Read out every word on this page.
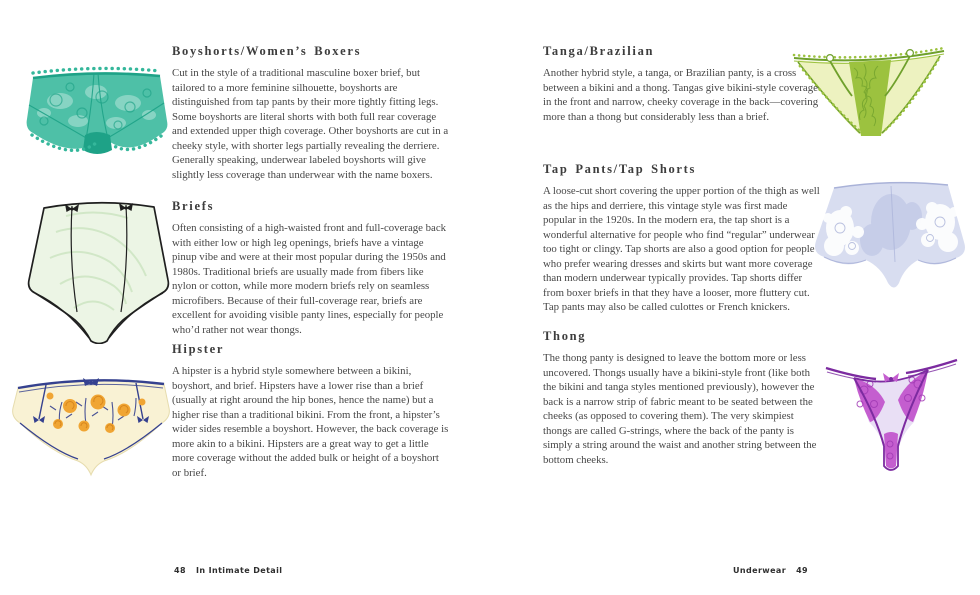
Boyshorts/Women’s Boxers

Cut in the style of a traditional masculine boxer brief, but tailored to a more feminine silhouette, boyshorts are distinguished from tap pants by their more tightly fitting legs. Some boyshorts are literal shorts with both full rear coverage and extended upper thigh coverage. Other boyshorts are cut in a cheeky style, with shorter legs partially revealing the derriere. Generally speaking, underwear labeled boyshorts will give slightly less coverage than underwear with the name boxers.

Briefs

Often consisting of a high-waisted front and full-coverage back with either low or high leg openings, briefs have a vintage pinup vibe and were at their most popular during the 1950s and 1980s. Traditional briefs are usually made from fibers like nylon or cotton, while more modern briefs rely on seamless microfibers. Because of their full-coverage rear, briefs are excellent for avoiding visible panty lines, especially for people who’d rather not wear thongs.

Hipster

A hipster is a hybrid style somewhere between a bikini, boyshort, and brief. Hipsters have a lower rise than a brief (usually at right around the hip bones, hence the name) but a higher rise than a traditional bikini. From the front, a hipster’s wider sides resemble a boyshort. However, the back coverage is more akin to a bikini. Hipsters are a great way to get a little more coverage without the added bulk or height of a boyshort or brief.

Tanga/Brazilian

Another hybrid style, a tanga, or Brazilian panty, is a cross between a bikini and a thong. Tangas give bikini-style coverage in the front and narrow, cheeky coverage in the back—covering more than a thong but considerably less than a brief.

Tap Pants/Tap Shorts

A loose-cut short covering the upper portion of the thigh as well as the hips and derriere, this vintage style was first made popular in the 1920s. In the modern era, the tap short is a wonderful alternative for people who find “regular” underwear too tight or clingy. Tap shorts are also a good option for people who prefer wearing dresses and skirts but want more coverage than modern underwear typically provides. Tap shorts differ from boxer briefs in that they have a looser, more fluttery cut. Tap pants may also be called culottes or French knickers.

Thong

The thong panty is designed to leave the bottom more or less uncovered. Thongs usually have a bikini-style front (like both the bikini and tanga styles mentioned previously), however the back is a narrow strip of fabric meant to be seated between the cheeks (as opposed to covering them). The very skimpiest thongs are called G-strings, where the back of the panty is simply a string around the waist and another string between the bottom cheeks.

48 In Intimate Detail	Underwear 49
